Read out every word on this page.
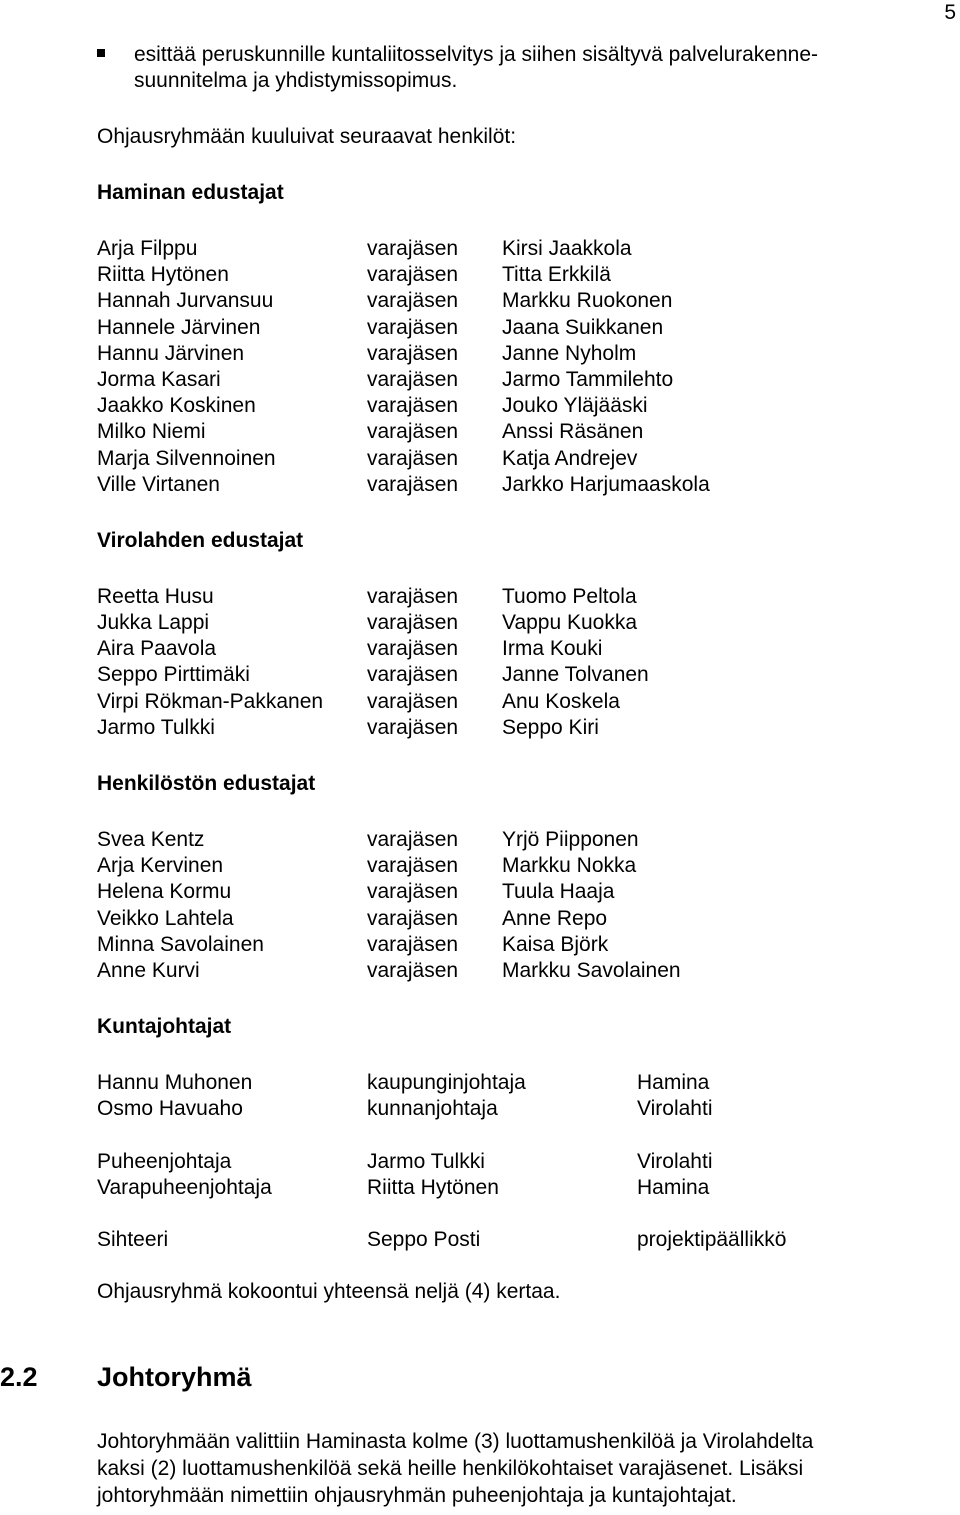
5
esittää peruskunnille kuntaliitosselvitys ja siihen sisältyvä palvelurakenne-
suunnitelma ja yhdistymissopimus.
Ohjausryhmään kuuluivat seuraavat henkilöt:
Haminan edustajat
Arja Filppu	varajäsen	Kirsi Jaakkola
Riitta Hytönen	varajäsen	Titta Erkkilä
Hannah Jurvansuu	varajäsen	Markku Ruokonen
Hannele Järvinen	varajäsen	Jaana Suikkanen
Hannu Järvinen	varajäsen	Janne Nyholm
Jorma Kasari	varajäsen	Jarmo Tammilehto
Jaakko Koskinen	varajäsen	Jouko Yläjääski
Milko Niemi	varajäsen	Anssi Räsänen
Marja Silvennoinen	varajäsen	Katja Andrejev
Ville Virtanen	varajäsen	Jarkko Harjumaaskola
Virolahden edustajat
Reetta Husu	varajäsen	Tuomo Peltola
Jukka Lappi	varajäsen	Vappu Kuokka
Aira Paavola	varajäsen	Irma Kouki
Seppo Pirttimäki	varajäsen	Janne Tolvanen
Virpi Rökman-Pakkanen	varajäsen	Anu Koskela
Jarmo Tulkki	varajäsen	Seppo Kiri
Henkilöstön edustajat
Svea Kentz	varajäsen	Yrjö Piipponen
Arja Kervinen	varajäsen	Markku Nokka
Helena Kormu	varajäsen	Tuula Haaja
Veikko Lahtela	varajäsen	Anne Repo
Minna Savolainen	varajäsen	Kaisa Björk
Anne Kurvi	varajäsen	Markku Savolainen
Kuntajohtajat
Hannu Muhonen	kaupunginjohtaja	Hamina
Osmo Havuaho	kunnanjohtaja	Virolahti
Puheenjohtaja	Jarmo Tulkki	Virolahti
Varapuheenjohtaja	Riitta Hytönen	Hamina
Sihteeri	Seppo Posti	projektipäällikkö
Ohjausryhmä kokoontui yhteensä neljä (4) kertaa.
2.2 Johtoryhmä
Johtoryhmään valittiin Haminasta kolme (3) luottamushenkilöä ja Virolahdelta
kaksi (2) luottamushenkilöä sekä heille henkilökohtaiset varajäsenet. Lisäksi
johtoryhmään nimettiin ohjausryhmän puheenjohtaja ja kuntajohtajat.
